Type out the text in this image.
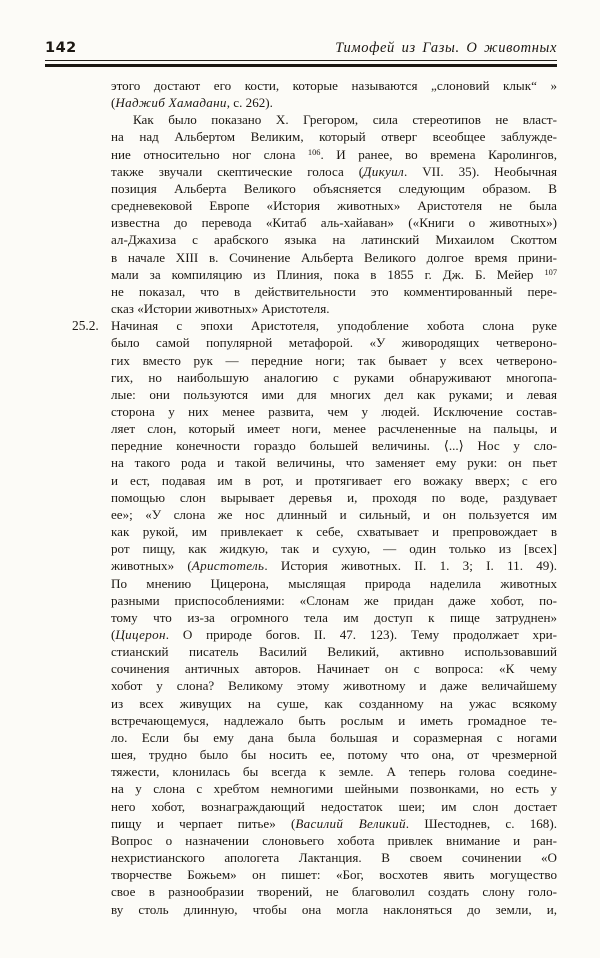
142	Тимофей из Газы. О животных
этого достают его кости, которые называются „слоновий клык“ »
(Наджиб Хамадани, с. 262).
Как было показано Х. Грегором, сила стереотипов не власт-
на над Альбертом Великим, который отверг всеобщее заблужде-
ние относительно ног слона $^{106}$. И ранее, во времена Каролингов,
также звучали скептические голоса (Дикуил. VII. 35). Необычная
позиция Альберта Великого объясняется следующим образом. В
средневековой Европе «История животных» Аристотеля не была
известна до перевода «Китаб аль-хайаван» («Книги о животных»)
ал-Джахиза с арабского языка на латинский Михаилом Скоттом
в начале XIII в. Сочинение Альберта Великого долгое время прини-
мали за компиляцию из Плиния, пока в 1855 г. Дж. Б. Мейер $^{107}$
не показал, что в действительности это комментированный пере-
сказ «Истории животных» Аристотеля.
25.2. Начиная с эпохи Аристотеля, уподобление хобота слона руке
было самой популярной метафорой. «У живородящих четвероно-
гих вместо рук — передние ноги; так бывает у всех четвероно-
гих, но наибольшую аналогию с руками обнаруживают многопа-
лые: они пользуются ими для многих дел как руками; и левая
сторона у них менее развита, чем у людей. Исключение состав-
ляет слон, который имеет ноги, менее расчлененные на пальцы, и
передние конечности гораздо большей величины. ⟨...⟩ Нос у сло-
на такого рода и такой величины, что заменяет ему руки: он пьет
и ест, подавая им в рот, и протягивает его вожаку вверх; с его
помощью слон вырывает деревья и, проходя по воде, раздувает
ее»; «У слона же нос длинный и сильный, и он пользуется им
как рукой, им привлекает к себе, схватывает и препровождает в
рот пищу, как жидкую, так и сухую, — один только из [всех]
животных» (Аристотель. История животных. II. 1. 3; I. 11. 49).
По мнению Цицерона, мыслящая природа наделила животных
разными приспособлениями: «Слонам же придан даже хобот, по-
тому что из-за огромного тела им доступ к пище затруднен»
(Цицерон. О природе богов. II. 47. 123). Тему продолжает хри-
стианский писатель Василий Великий, активно использовавший
сочинения античных авторов. Начинает он с вопроса: «К чему
хобот у слона? Великому этому животному и даже величайшему
из всех живущих на суше, как созданному на ужас всякому
встречающемуся, надлежало быть рослым и иметь громадное те-
ло. Если бы ему дана была большая и соразмерная с ногами
шея, трудно было бы носить ее, потому что она, от чрезмерной
тяжести, клонилась бы всегда к земле. А теперь голова соедине-
на у слона с хребтом немногими шейными позвонками, но есть у
него хобот, вознаграждающий недостаток шеи; им слон достает
пищу и черпает питье» (Василий Великий. Шестоднев, с. 168).
Вопрос о назначении слоновьего хобота привлек внимание и ран-
нехристианского апологета Лактанция. В своем сочинении «О
творчестве Божьем» он пишет: «Бог, восхотев явить могущество
свое в разнообразии творений, не благоволил создать слону голо-
ву столь длинную, чтобы она могла наклоняться до земли, и,
